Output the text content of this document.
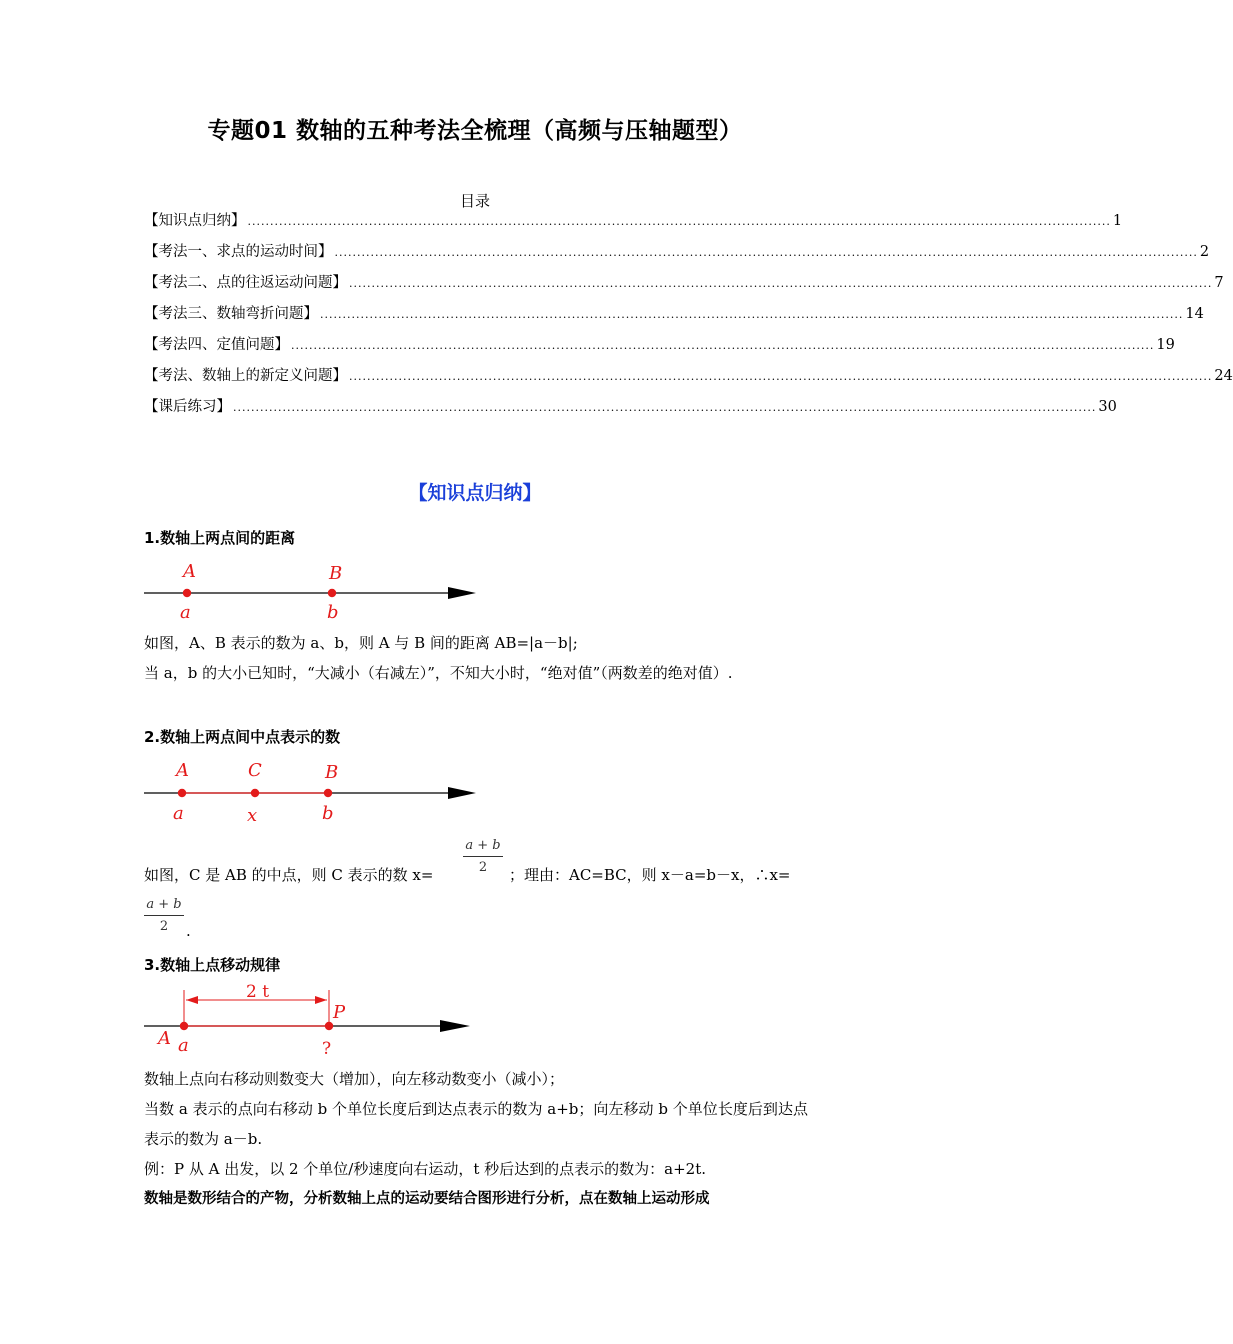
专题01 数轴的五种考法全梳理（高频与压轴题型）
目录
【知识点归纳】 ................................................................................................................................................................................................ 1
【考法一、求点的运动时间】 ................................................................................................................................................................................................ 2
【考法二、点的往返运动问题】 ................................................................................................................................................................................................ 7
【考法三、数轴弯折问题】 ................................................................................................................................................................................................ 14
【考法四、定值问题】 ................................................................................................................................................................................................ 19
【考法、数轴上的新定义问题】 ................................................................................................................................................................................................ 24
【课后练习】 ................................................................................................................................................................................................ 30
【知识点归纳】
1.数轴上两点间的距离
A	B
a	b
如图，A、B 表示的数为 a、b，则 A 与 B 间的距离 AB=|a－b|;
当 a，b 的大小已知时，“大减小（右减左）”，不知大小时，“绝对值”（两数差的绝对值）.
2.数轴上两点间中点表示的数
A	C	B
a	x	b
如图，C 是 AB 的中点，则 C 表示的数 x=
a + b
2	；理由：AC=BC，则 x－a=b－x，∴x=
a + b
2	.
3.数轴上点移动规律
2 t
P
A a	?
数轴上点向右移动则数变大（增加），向左移动数变小（减小）；
当数 a 表示的点向右移动 b 个单位长度后到达点表示的数为 a+b；向左移动 b 个单位长度后到达点表示的数为 a－b.
例：P 从 A 出发，以 2 个单位/秒速度向右运动，t 秒后达到的点表示的数为：a+2t.
数轴是数形结合的产物，分析数轴上点的运动要结合图形进行分析，点在数轴上运动形成
